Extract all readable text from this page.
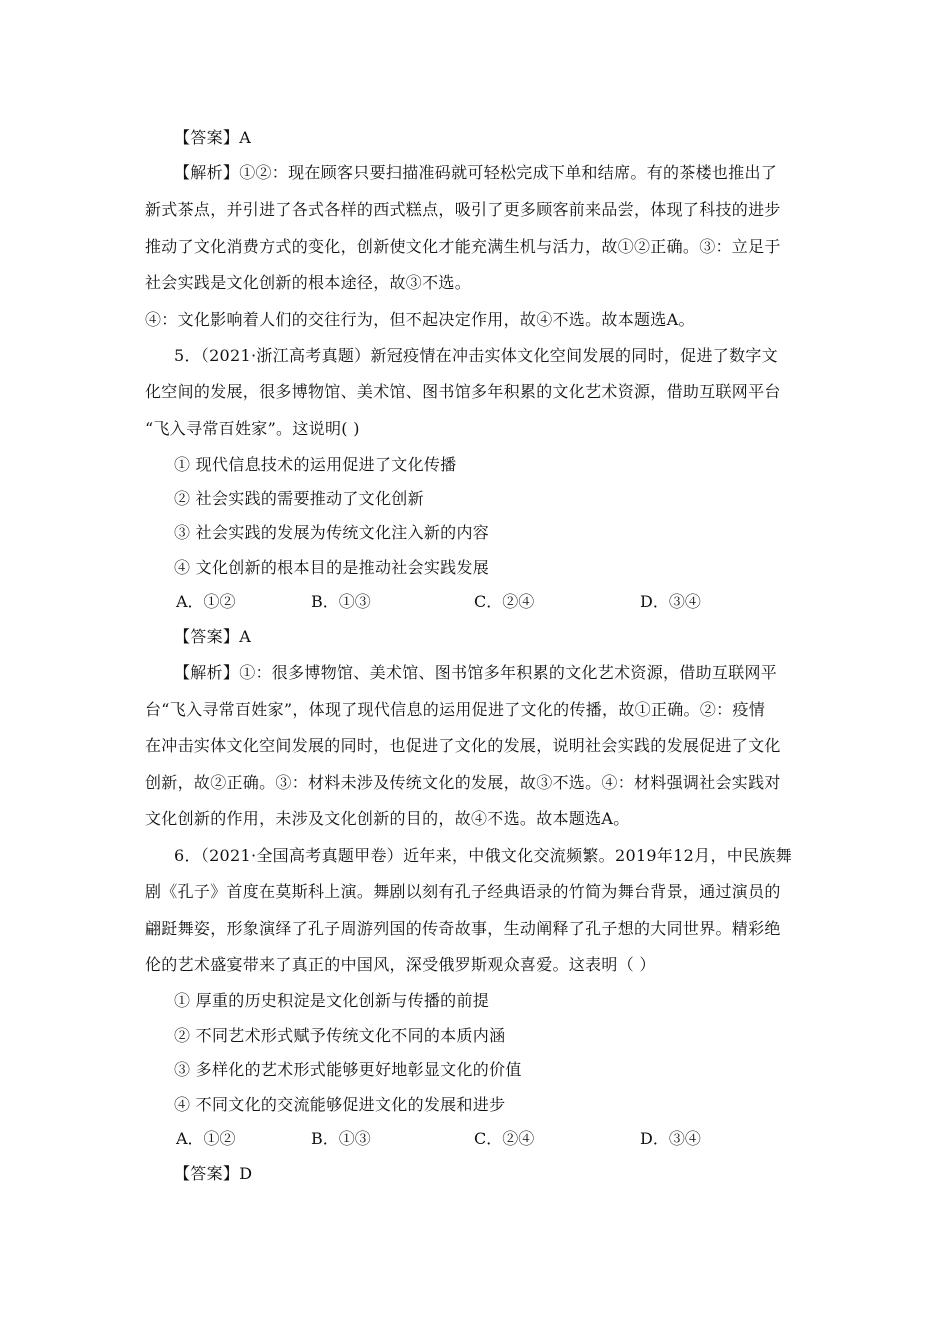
【答案】A
【解析】①②：现在顾客只要扫描准码就可轻松完成下单和结席。有的茶楼也推出了
新式茶点，并引进了各式各样的西式糕点，吸引了更多顾客前来品尝，体现了科技的进步
推动了文化消费方式的变化，创新使文化才能充满生机与活力，故①②正确。③：立足于
社会实践是文化创新的根本途径，故③不选。
④：文化影响着人们的交往行为，但不起决定作用，故④不选。故本题选A。
5．（2021·浙江高考真题）新冠疫情在冲击实体文化空间发展的同时，促进了数字文
化空间的发展，很多博物馆、美术馆、图书馆多年积累的文化艺术资源，借助互联网平台
“飞入寻常百姓家”。这说明( )
① 现代信息技术的运用促进了文化传播
② 社会实践的需要推动了文化创新
③ 社会实践的发展为传统文化注入新的内容
④ 文化创新的根本目的是推动社会实践发展
A．①②	B．①③	C．②④	D．③④
【答案】A
【解析】①：很多博物馆、美术馆、图书馆多年积累的文化艺术资源，借助互联网平
台“飞入寻常百姓家”，体现了现代信息的运用促进了文化的传播，故①正确。②：疫情
在冲击实体文化空间发展的同时，也促进了文化的发展，说明社会实践的发展促进了文化
创新，故②正确。③：材料未涉及传统文化的发展，故③不选。④：材料强调社会实践对
文化创新的作用，未涉及文化创新的目的，故④不选。故本题选A。
6．（2021·全国高考真题甲卷）近年来，中俄文化交流频繁。2019年12月，中民族舞
剧《孔子》首度在莫斯科上演。舞剧以刻有孔子经典语录的竹简为舞台背景，通过演员的
翩跹舞姿，形象演绎了孔子周游列国的传奇故事，生动阐释了孔子想的大同世界。精彩绝
伦的艺术盛宴带来了真正的中国风，深受俄罗斯观众喜爱。这表明（ ）
① 厚重的历史积淀是文化创新与传播的前提
② 不同艺术形式赋予传统文化不同的本质内涵
③ 多样化的艺术形式能够更好地彰显文化的价值
④ 不同文化的交流能够促进文化的发展和进步
A．①②	B．①③	C．②④	D．③④
【答案】D
